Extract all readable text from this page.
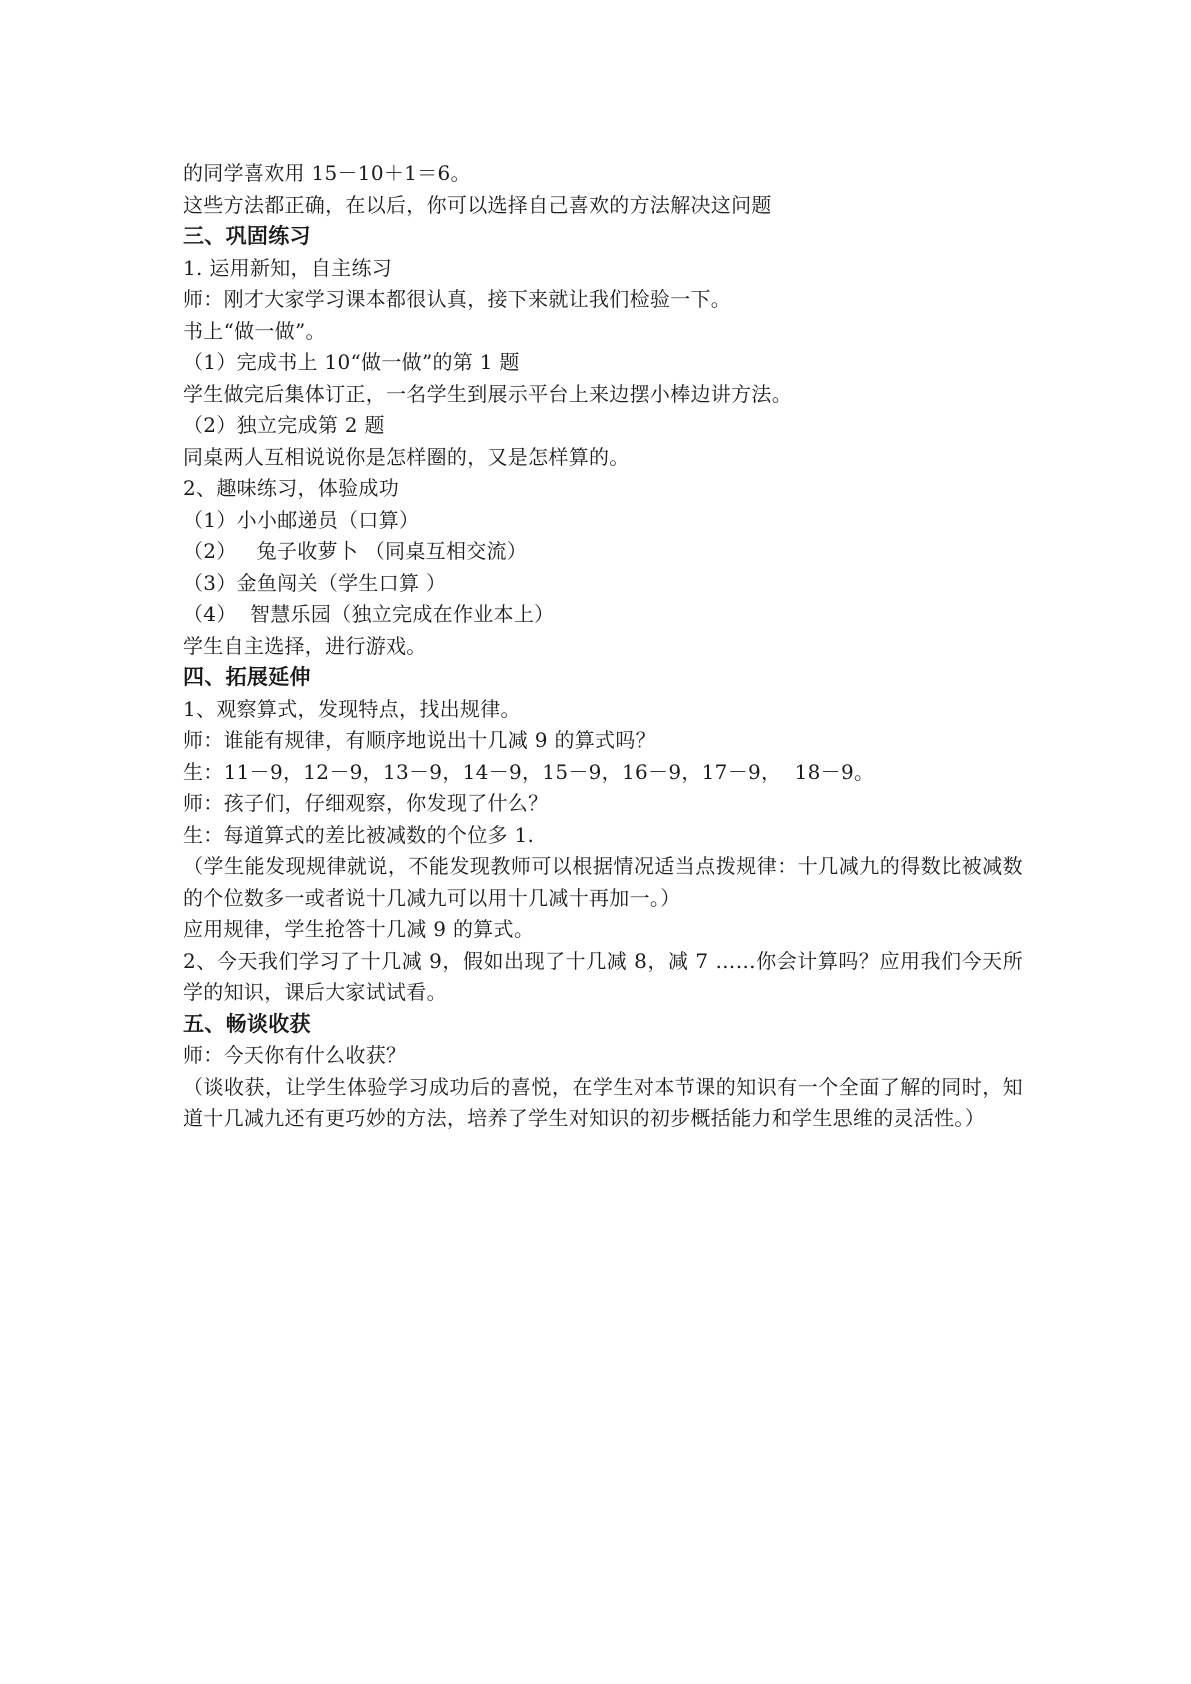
的同学喜欢用 15－10＋1＝6。
这些方法都正确，在以后，你可以选择自己喜欢的方法解决这问题
三、巩固练习
1. 运用新知，自主练习
师：刚才大家学习课本都很认真，接下来就让我们检验一下。
书上“做一做”。
（1）完成书上 10“做一做”的第 1 题
学生做完后集体订正，一名学生到展示平台上来边摆小棒边讲方法。
（2）独立完成第 2 题
同桌两人互相说说你是怎样圈的，又是怎样算的。
2、趣味练习，体验成功
（1）小小邮递员（口算）
（2）   兔子收萝卜 （同桌互相交流）
（3）金鱼闯关（学生口算 ）
（4）  智慧乐园（独立完成在作业本上）
学生自主选择，进行游戏。
四、拓展延伸
1、观察算式，发现特点，找出规律。
师：谁能有规律，有顺序地说出十几减 9 的算式吗？
生：11－9，12－9，13－9，14－9，15－9，16－9，17－9，  18－9。
师：孩子们，仔细观察，你发现了什么？
生：每道算式的差比被减数的个位多 1.
（学生能发现规律就说，不能发现教师可以根据情况适当点拨规律：十几减九的得数比被减数的个位数多一或者说十几减九可以用十几减十再加一。）
应用规律，学生抢答十几减 9 的算式。
2、今天我们学习了十几减 9，假如出现了十几减 8，减 7 ……你会计算吗？应用我们今天所学的知识，课后大家试试看。
五、畅谈收获
师：今天你有什么收获？
（谈收获，让学生体验学习成功后的喜悦，在学生对本节课的知识有一个全面了解的同时，知道十几减九还有更巧妙的方法，培养了学生对知识的初步概括能力和学生思维的灵活性。）
